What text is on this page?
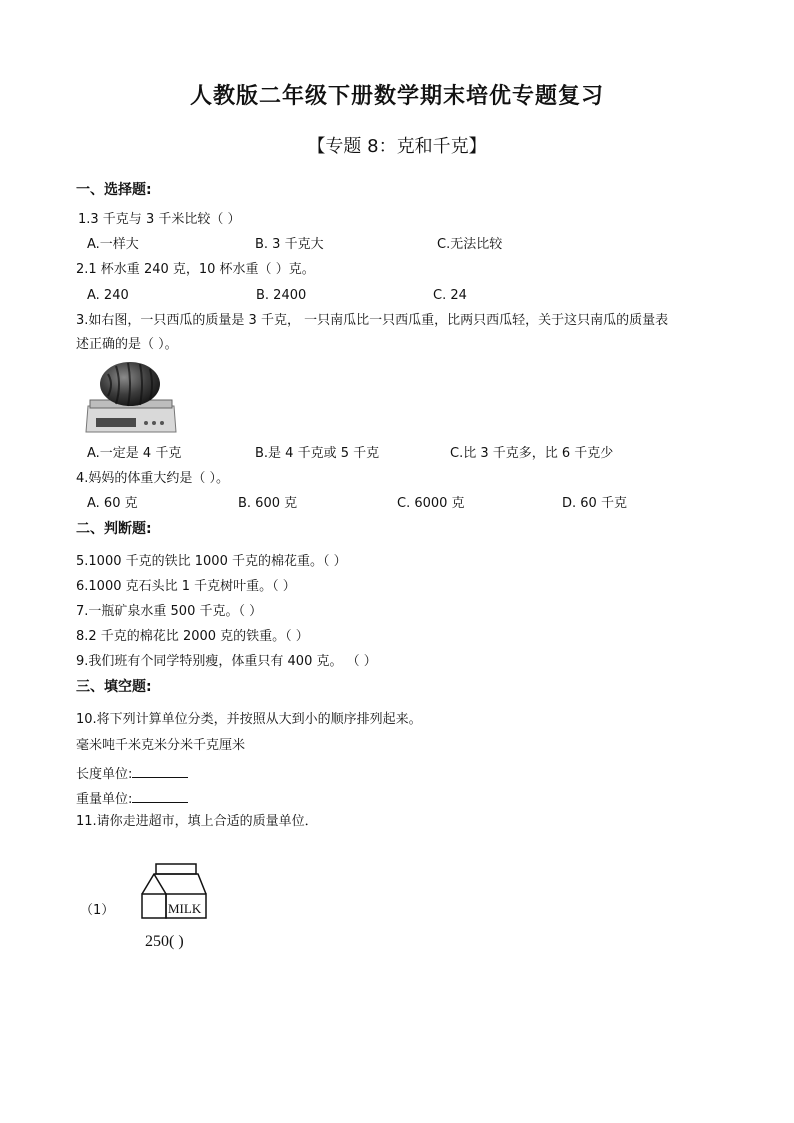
人教版二年级下册数学期末培优专题复习
【专题 8：克和千克】
一、选择题:
1.3 千克与 3 千米比较（ ）
A.一样大	B. 3 千克大	C.无法比较
2.1 杯水重 240 克，10 杯水重（ ）克。
A. 240	B. 2400	C. 24
3.如右图，一只西瓜的质量是 3 千克， 一只南瓜比一只西瓜重，比两只西瓜轻，关于这只南瓜的质量表
述正确的是（ ）。
A.一定是 4 千克	B.是 4 千克或 5 千克	C.比 3 千克多，比 6 千克少
4.妈妈的体重大约是（ ）。
A. 60 克	B. 600 克	C. 6000 克	D. 60 千克
二、判断题:
5.1000 千克的铁比 1000 千克的棉花重。（ ）
6.1000 克石头比 1 千克树叶重。（ ）
7.一瓶矿泉水重 500 千克。（ ）
8.2 千克的棉花比 2000 克的铁重。（ ）
9.我们班有个同学特别瘦，体重只有 400 克。 （ ）
三、填空题:
10.将下列计算单位分类，并按照从大到小的顺序排列起来。
毫米吨千米克米分米千克厘米
长度单位:
重量单位:
11.请你走进超市，填上合适的质量单位．
（1）	MILK
250( )
